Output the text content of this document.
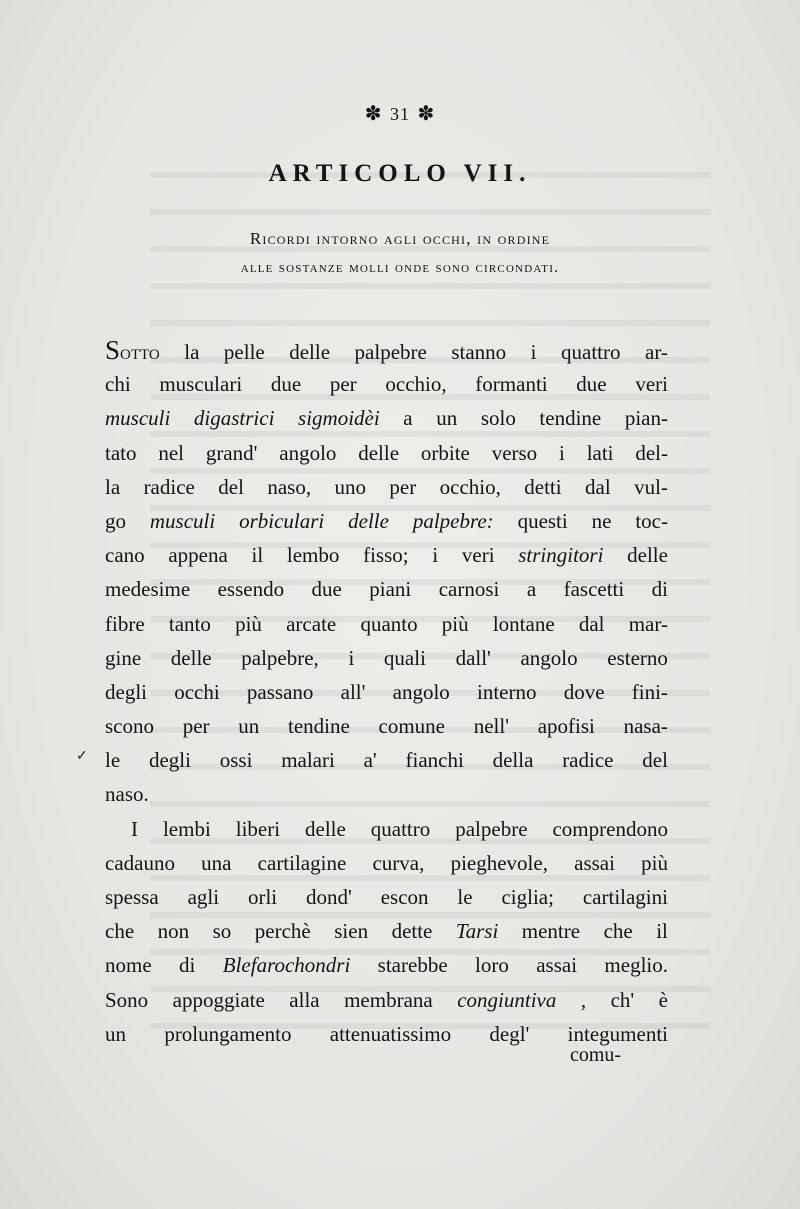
✽ 31 ✽
ARTICOLO VII.
Ricordi intorno agli occhi, in ordine
alle sostanze molli onde sono circondati.
Sotto la pelle delle palpebre stanno i quattro ar-
chi musculari due per occhio, formanti due veri
musculi digastrici sigmoidèi a un solo tendine pian-
tato nel grand' angolo delle orbite verso i lati del-
la radice del naso, uno per occhio, detti dal vul-
go musculi orbiculari delle palpebre: questi ne toc-
cano appena il lembo fisso; i veri stringitori delle
medesime essendo due piani carnosi a fascetti di
fibre tanto più arcate quanto più lontane dal mar-
gine delle palpebre, i quali dall' angolo esterno
degli occhi passano all' angolo interno dove fini-
scono per un tendine comune nell' apofisi nasa-
le degli ossi malari a' fianchi della radice del
naso.
I lembi liberi delle quattro palpebre comprendono
cadauno una cartilagine curva, pieghevole, assai più
spessa agli orli dond' escon le ciglia; cartilagini
che non so perchè sien dette Tarsi mentre che il
nome di Blefarochondri starebbe loro assai meglio.
Sono appoggiate alla membrana congiuntiva , ch' è
un prolungamento attenuatissimo degl' integumenti
comu-
✓
